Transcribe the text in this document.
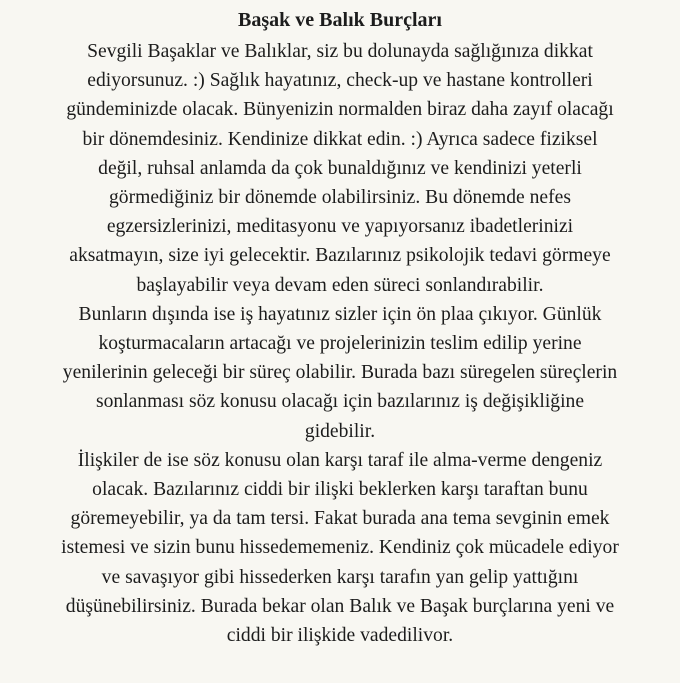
Başak ve Balık Burçları
Sevgili Başaklar ve Balıklar, siz bu dolunayda sağlığınıza dikkat
ediyorsunuz. :) Sağlık hayatınız, check-up ve hastane kontrolleri
gündeminizde olacak. Bünyenizin normalden biraz daha zayıf olacağı
bir dönemdesiniz. Kendinize dikkat edin. :) Ayrıca sadece fiziksel
değil, ruhsal anlamda da çok bunaldığınız ve kendinizi yeterli
görmediğiniz bir dönemde olabilirsiniz. Bu dönemde nefes
egzersizlerinizi, meditasyonu ve yapıyorsanız ibadetlerinizi
aksatmayın, size iyi gelecektir. Bazılarınız psikolojik tedavi görmeye
başlayabilir veya devam eden süreci sonlandırabilir.
Bunların dışında ise iş hayatınız sizler için ön plaa çıkıyor. Günlük
koşturmacaların artacağı ve projelerinizin teslim edilip yerine
yenilerinin geleceği bir süreç olabilir. Burada bazı süregelen süreçlerin
sonlanması söz konusu olacağı için bazılarınız iş değişikliğine
gidebilir.
İlişkiler de ise söz konusu olan karşı taraf ile alma-verme dengeniz
olacak. Bazılarınız ciddi bir ilişki beklerken karşı taraftan bunu
göremeyebilir, ya da tam tersi. Fakat burada ana tema sevginin emek
istemesi ve sizin bunu hissedememeniz. Kendiniz çok mücadele ediyor
ve savaşıyor gibi hissederken karşı tarafın yan gelip yattığını
düşünebilirsiniz. Burada bekar olan Balık ve Başak burçlarına yeni ve
ciddi bir ilişkide vadedilivor.
